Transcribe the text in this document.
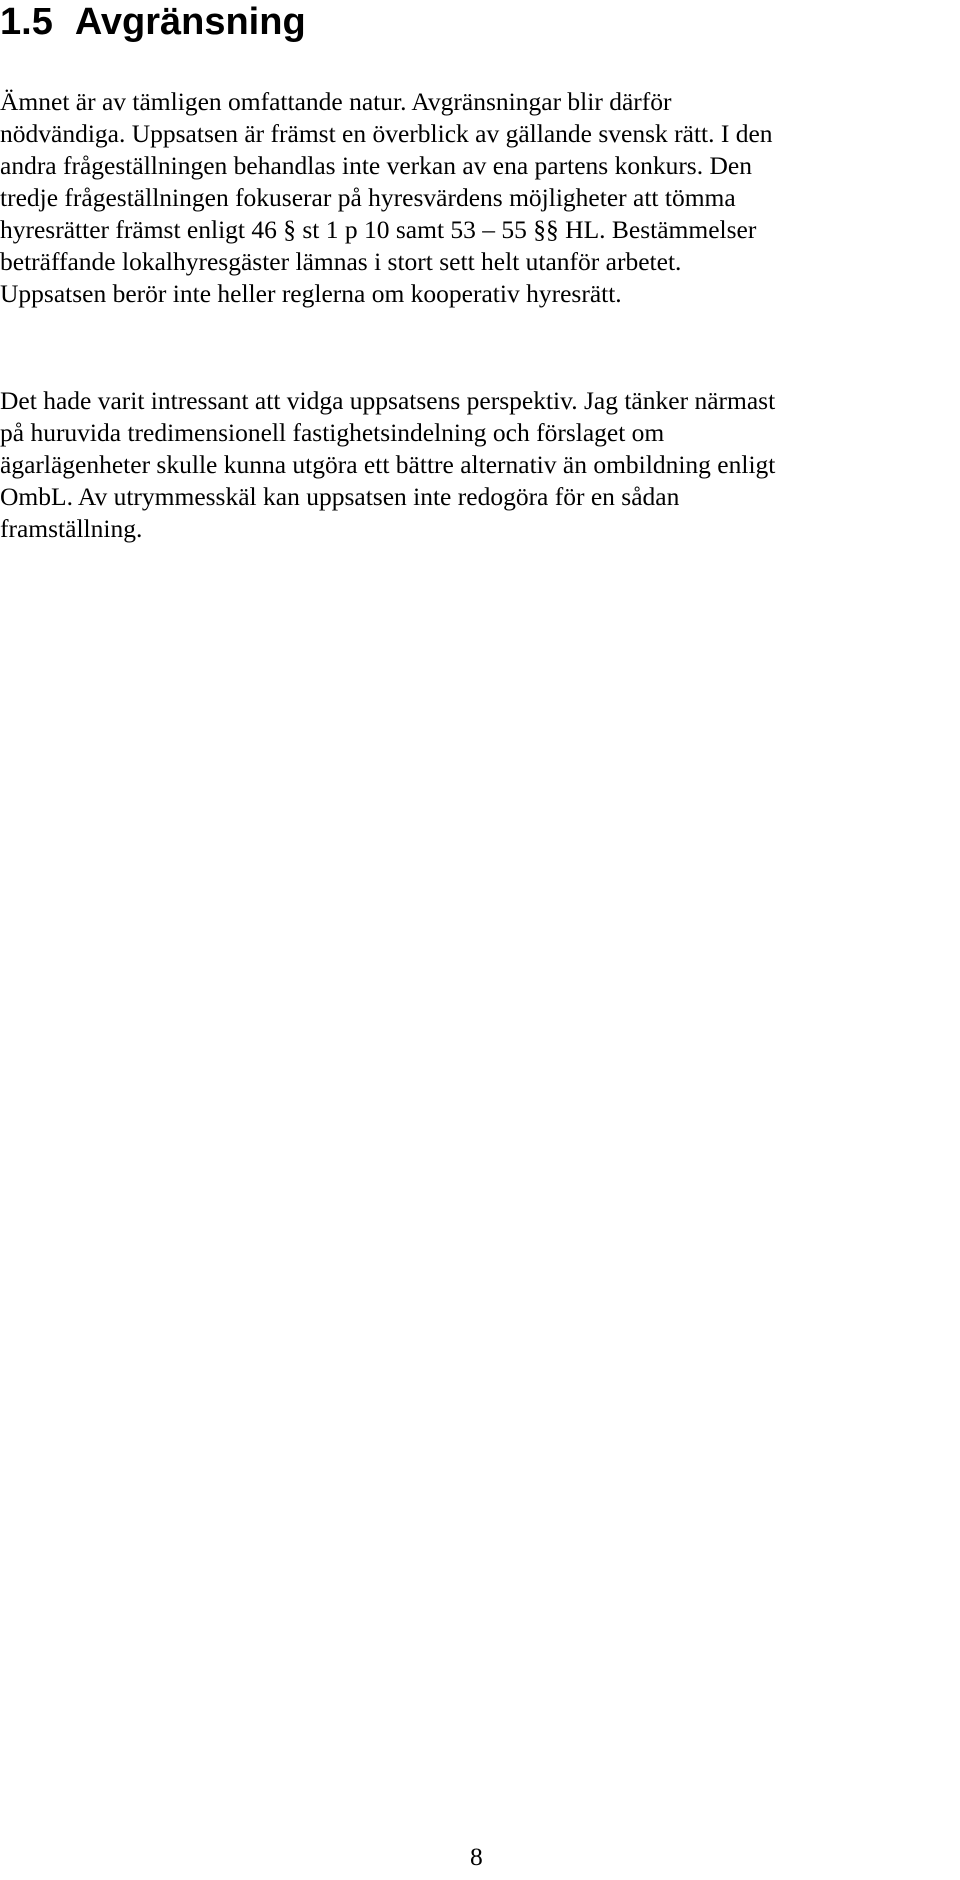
1.5 Avgränsning

Ämnet är av tämligen omfattande natur. Avgränsningar blir därför
nödvändiga. Uppsatsen är främst en överblick av gällande svensk rätt. I den
andra frågeställningen behandlas inte verkan av ena partens konkurs. Den
tredje frågeställningen fokuserar på hyresvärdens möjligheter att tömma
hyresrätter främst enligt 46 § st 1 p 10 samt 53 – 55 §§ HL. Bestämmelser
beträffande lokalhyresgäster lämnas i stort sett helt utanför arbetet.
Uppsatsen berör inte heller reglerna om kooperativ hyresrätt.

Det hade varit intressant att vidga uppsatsens perspektiv. Jag tänker närmast
på huruvida tredimensionell fastighetsindelning och förslaget om
ägarlägenheter skulle kunna utgöra ett bättre alternativ än ombildning enligt
OmbL. Av utrymmesskäl kan uppsatsen inte redogöra för en sådan
framställning.

8
